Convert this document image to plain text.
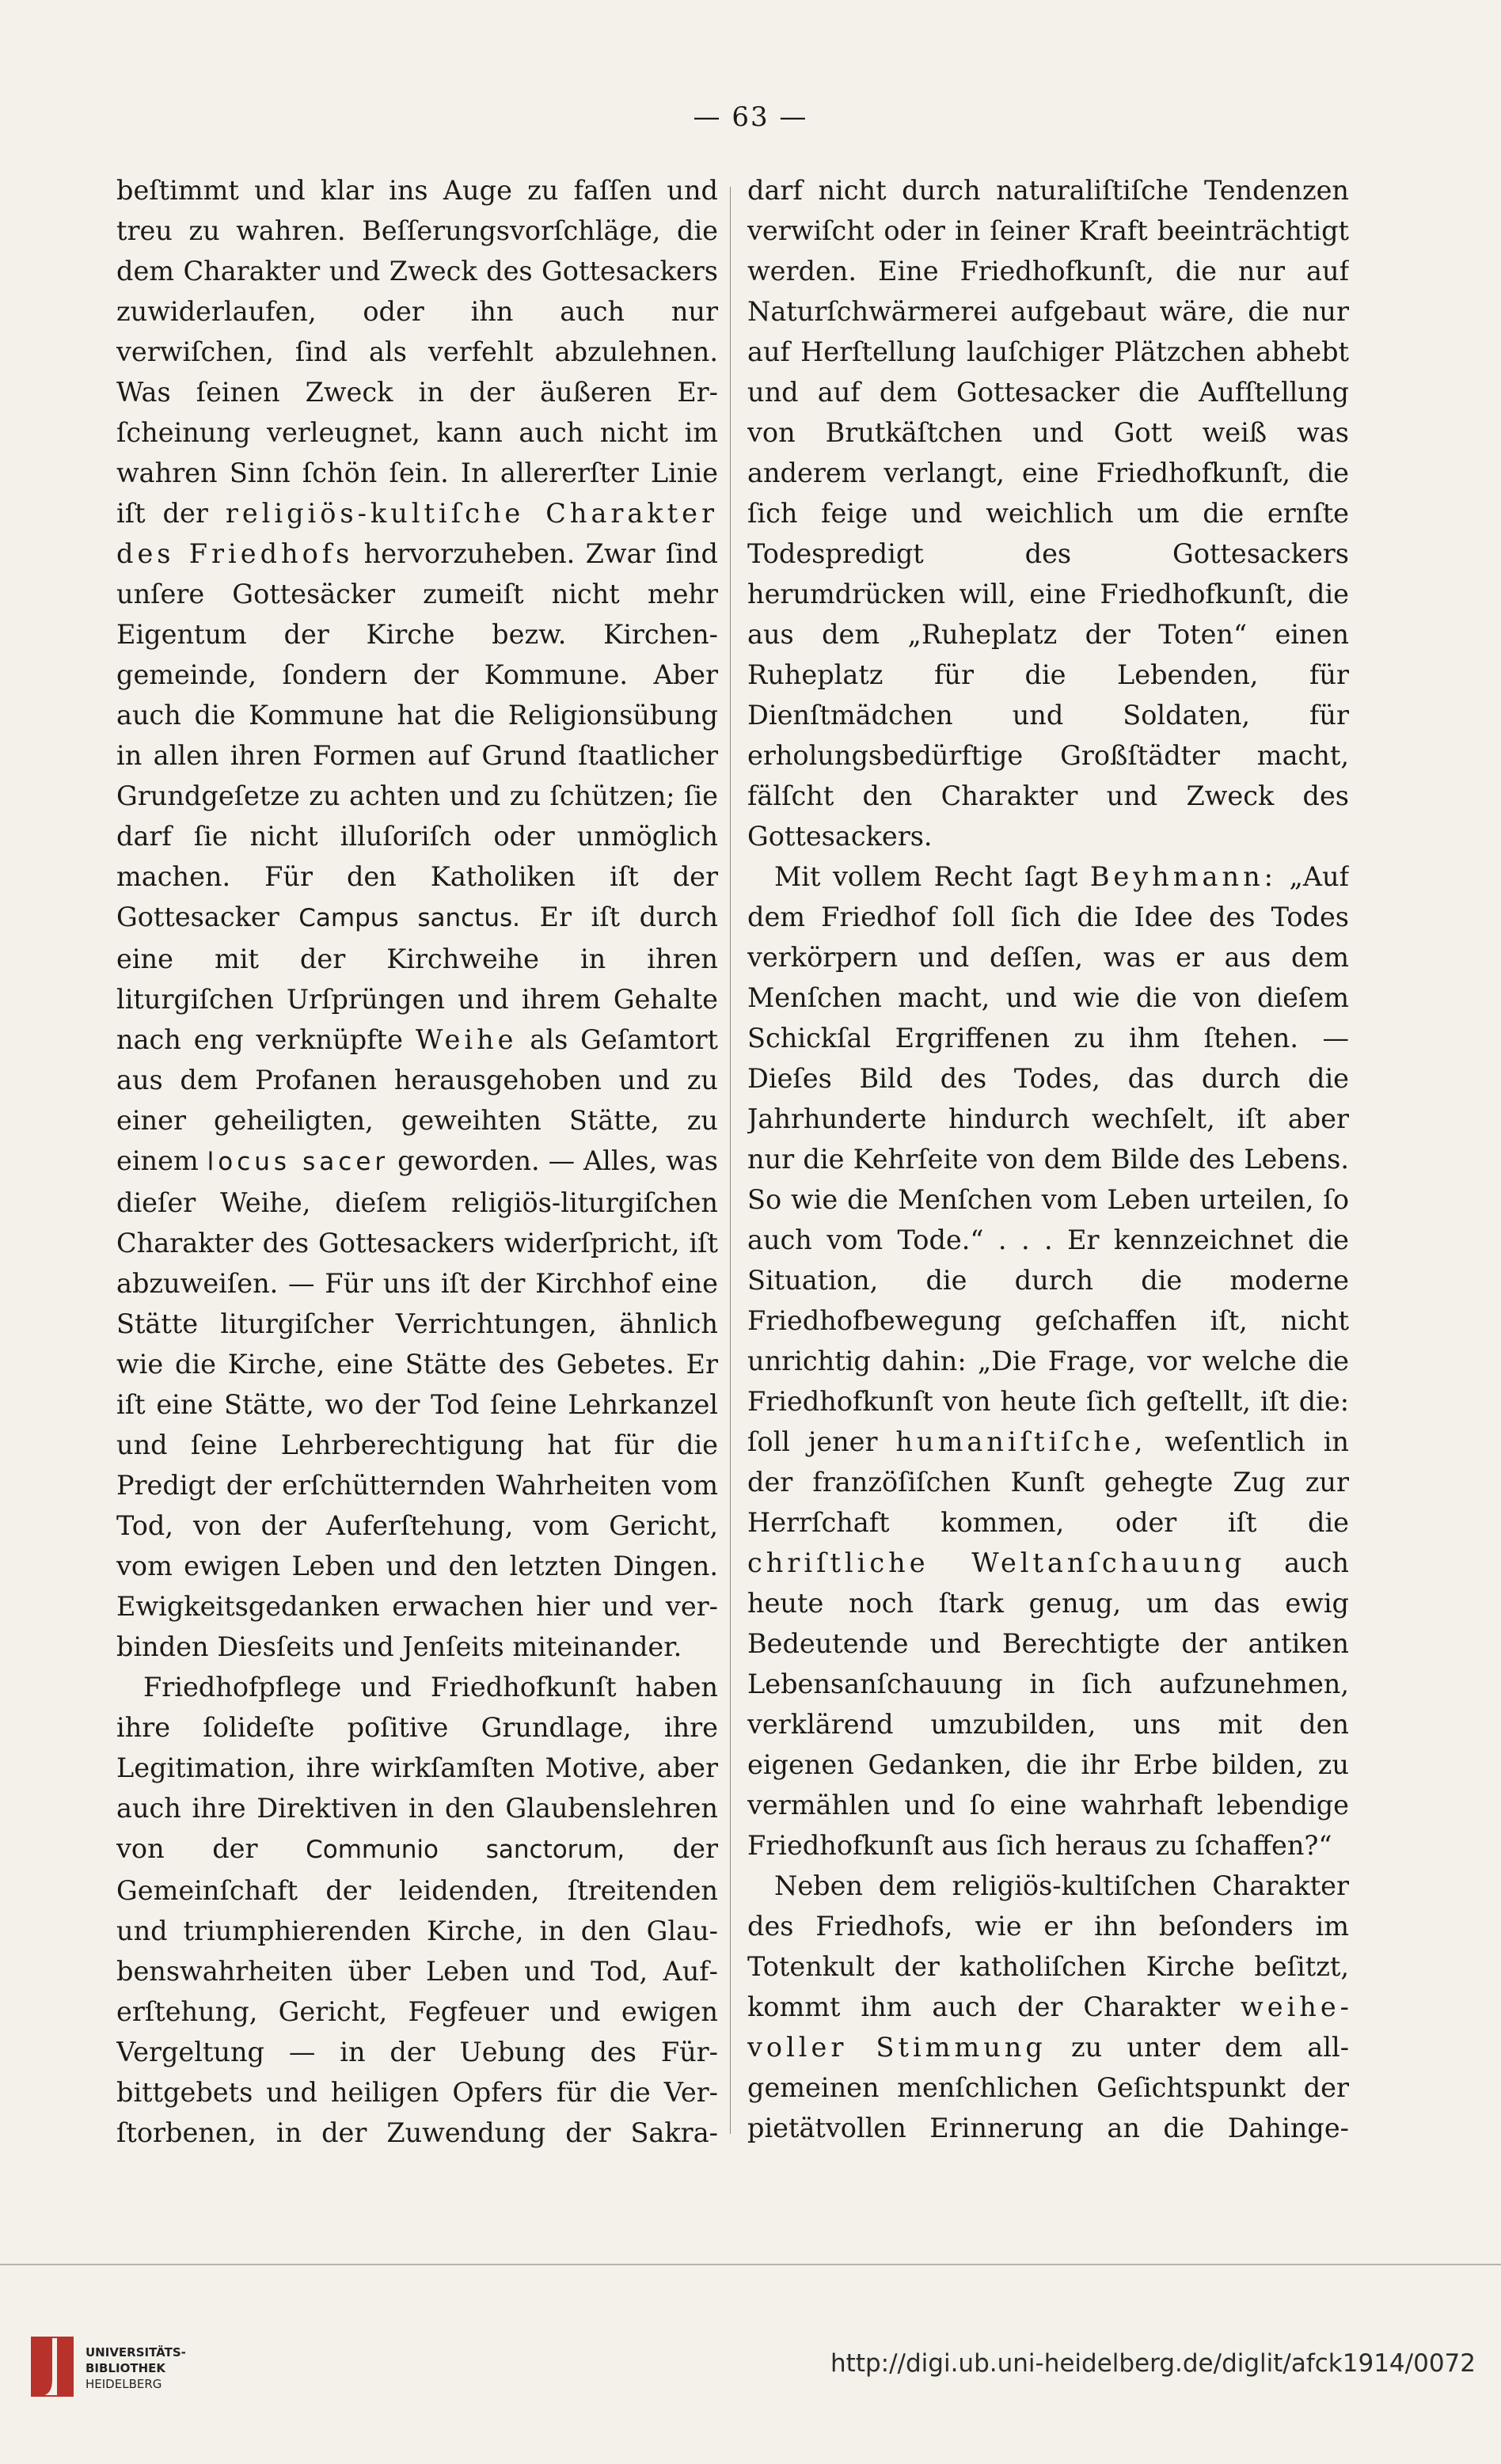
— 63 —

beſtimmt und klar ins Auge zu faſſen und treu zu wahren. Beſſerungsvorſchläge, die dem Charakter und Zweck des Gottesackers zuwiderlaufen, oder ihn auch nur verwiſchen, ſind als verfehlt abzulehnen. Was ſeinen Zweck in der äußeren Erſcheinung verleugnet, kann auch nicht im wahren Sinn ſchön ſein. In allererſter Linie iſt der religiös-kultiſche Charakter des Friedhofs hervorzuheben. Zwar ſind unſere Gottesäcker zumeiſt nicht mehr Eigentum der Kirche bezw. Kirchengemeinde, ſondern der Kommune. Aber auch die Kommune hat die Religionsübung in allen ihren Formen auf Grund ſtaatlicher Grundgeſetze zu achten und zu ſchützen; ſie darf ſie nicht illuſoriſch oder unmöglich machen. Für den Katholiken iſt der Gottesacker Campus sanctus. Er iſt durch eine mit der Kirchweihe in ihren liturgiſchen Urſprüngen und ihrem Gehalte nach eng verknüpfte Weihe als Geſamtort aus dem Profanen herausgehoben und zu einer geheiligten, geweihten Stätte, zu einem locus sacer geworden. — Alles, was dieſer Weihe, dieſem religiös-liturgiſchen Charakter des Gottesackers widerſpricht, iſt abzuweiſen. — Für uns iſt der Kirchhof eine Stätte liturgiſcher Verrichtungen, ähnlich wie die Kirche, eine Stätte des Gebetes. Er iſt eine Stätte, wo der Tod ſeine Lehrkanzel und ſeine Lehrberechtigung hat für die Predigt der erſchütternden Wahrheiten vom Tod, von der Auferſtehung, vom Gericht, vom ewigen Leben und den letzten Dingen. Ewigkeitsgedanken erwachen hier und verbinden Diesſeits und Jenſeits miteinander.

Friedhofpflege und Friedhofkunſt haben ihre ſolideſte poſitive Grundlage, ihre Legitimation, ihre wirkſamſten Motive, aber auch ihre Direktiven in den Glaubenslehren von der Communio sanctorum, der Gemeinſchaft der leidenden, ſtreitenden und triumphierenden Kirche, in den Glaubenswahrheiten über Leben und Tod, Auferſtehung, Gericht, Fegfeuer und ewigen Vergeltung — in der Uebung des Fürbittgebets und heiligen Opfers für die Verſtorbenen, in der Zuwendung der Sakra

darf nicht durch naturaliſtiſche Tendenzen verwiſcht oder in ſeiner Kraft beeinträchtigt werden. Eine Friedhofkunſt, die nur auf Naturſchwärmerei aufgebaut wäre, die nur auf Herſtellung lauſchiger Plätzchen abhebt und auf dem Gottesacker die Aufſtellung von Brutkäſtchen und Gott weiß was anderem verlangt, eine Friedhofkunſt, die ſich feige und weichlich um die ernſte Todespredigt des Gottesackers herumdrücken will, eine Friedhofkunſt, die aus dem „Ruheplatz der Toten“ einen Ruheplatz für die Lebenden, für Dienſtmädchen und Soldaten, für erholungsbedürftige Großſtädter macht, fälſcht den Charakter und Zweck des Gottesackers.

Mit vollem Recht ſagt Beyhmann: „Auf dem Friedhof ſoll ſich die Idee des Todes verkörpern und deſſen, was er aus dem Menſchen macht, und wie die von dieſem Schickſal Ergriffenen zu ihm ſtehen. — Dieſes Bild des Todes, das durch die Jahrhunderte hindurch wechſelt, iſt aber nur die Kehrſeite von dem Bilde des Lebens. So wie die Menſchen vom Leben urteilen, ſo auch vom Tode.“ . . . Er kennzeichnet die Situation, die durch die moderne Friedhofbewegung geſchaffen iſt, nicht unrichtig dahin: „Die Frage, vor welche die Friedhofkunſt von heute ſich geſtellt, iſt die: ſoll jener humaniſtiſche, weſentlich in der franzöſiſchen Kunſt gehegte Zug zur Herrſchaft kommen, oder iſt die chriſtliche Weltanſchauung auch heute noch ſtark genug, um das ewig Bedeutende und Berechtigte der antiken Lebensanſchauung in ſich aufzunehmen, verklärend umzubilden, uns mit den eigenen Gedanken, die ihr Erbe bilden, zu vermählen und ſo eine wahrhaft lebendige Friedhofkunſt aus ſich heraus zu ſchaffen?“

Neben dem religiös-kultiſchen Charakter des Friedhofs, wie er ihn beſonders im Totenkult der katholiſchen Kirche beſitzt, kommt ihm auch der Charakter weihevoller Stimmung zu unter dem allgemeinen menſchlichen Geſichtspunkt der pietätvollen Erinnerung an die Dahinge

UNIVERSITÄTS-
BIBLIOTHEK
HEIDELBERG
http://digi.ub.uni-heidelberg.de/diglit/afck1914/0072
